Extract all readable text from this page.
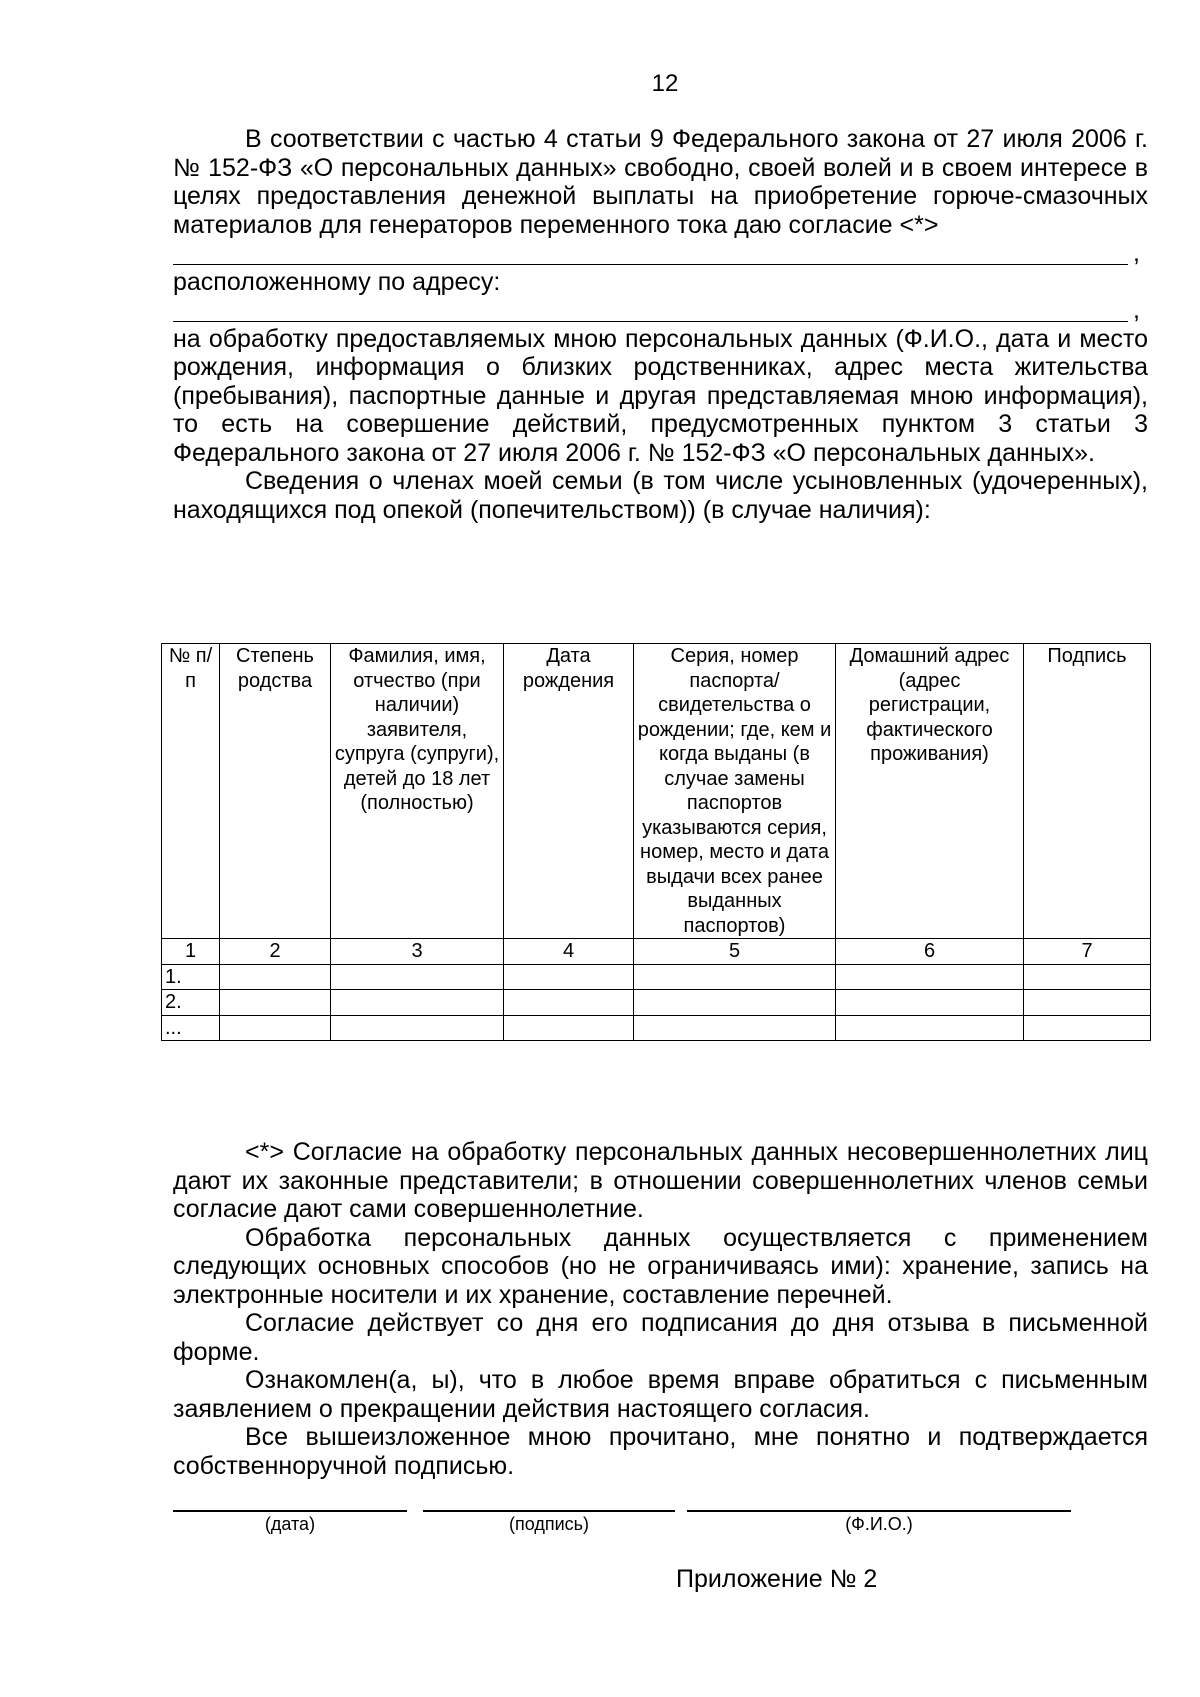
12

В соответствии с частью 4 статьи 9 Федерального закона от 27 июля 2006 г. № 152-ФЗ «О персональных данных» свободно, своей волей и в своем интересе в целях предоставления денежной выплаты на приобретение горюче-смазочных материалов для генераторов переменного тока даю согласие <*>

,

расположенному по адресу:

,

на обработку предоставляемых мною персональных данных (Ф.И.О., дата и место рождения, информация о близких родственниках, адрес места жительства (пребывания), паспортные данные и другая представляемая мною информация), то есть на совершение действий, предусмотренных пунктом 3 статьи 3 Федерального закона от 27 июля 2006 г. № 152-ФЗ «О персональных данных».

Сведения о членах моей семьи (в том числе усыновленных (удочеренных), находящихся под опекой (попечительством)) (в случае наличия):

№ п/п	Степень родства	Фамилия, имя, отчество (при наличии) заявителя, супруга (супруги), детей до 18 лет (полностью)	Дата рождения	Серия, номер паспорта/ свидетельства о рождении; где, кем и когда выданы (в случае замены паспортов указываются серия, номер, место и дата выдачи всех ранее выданных паспортов)	Домашний адрес (адрес регистрации, фактического проживания)	Подпись
1	2	3	4	5	6	7
1.						
2.						
...						

<*> Согласие на обработку персональных данных несовершеннолетних лиц дают их законные представители; в отношении совершеннолетних членов семьи согласие дают сами совершеннолетние.

Обработка персональных данных осуществляется с применением следующих основных способов (но не ограничиваясь ими): хранение, запись на электронные носители и их хранение, составление перечней.

Согласие действует со дня его подписания до дня отзыва в письменной форме.

Ознакомлен(а, ы), что в любое время вправе обратиться с письменным заявлением о прекращении действия настоящего согласия.

Все вышеизложенное мною прочитано, мне понятно и подтверждается собственноручной подписью.

(дата)	(подпись)	(Ф.И.О.)
Приложение № 2
